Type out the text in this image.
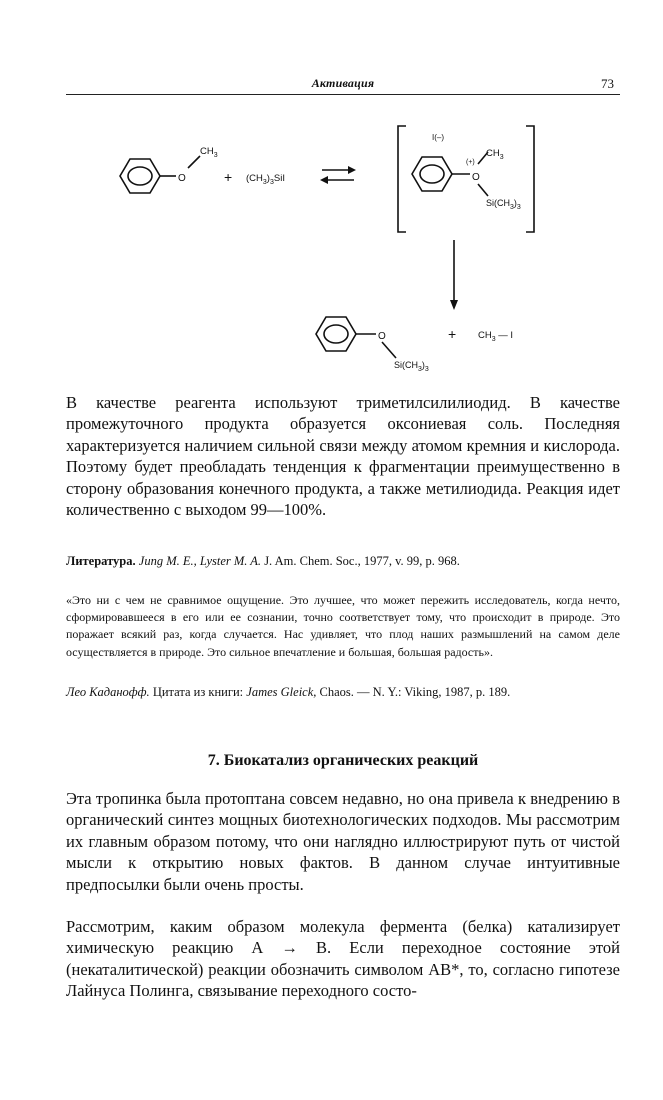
Активация	73
O
$CH_3$
+ $(CH_3)_3SiI$
I(–)
(+)
$CH_3$
O
$Si(CH_3)_3$
O
$Si(CH_3)_3$
+ $CH_3$ — I

В качестве реагента используют триметилсилилиодид. В качестве промежуточного продукта образуется оксониевая соль. Последняя характеризуется наличием сильной связи между атомом кремния и кислорода. Поэтому будет преобладать тенденция к фрагментации преимущественно в сторону образования конечного продукта, а также метилиодида. Реакция идет количественно с выходом 99—100%.

Литература. Jung M. E., Lyster M. A. J. Am. Chem. Soc., 1977, v. 99, p. 968.
«Это ни с чем не сравнимое ощущение. Это лучшее, что может пережить исследователь, когда нечто, сформировавшееся в его или ее сознании, точно соответствует тому, что происходит в природе. Это поражает всякий раз, когда случается. Нас удивляет, что плод наших размышлений на самом деле осуществляется в природе. Это сильное впечатление и большая, большая радость».
Лео Каданофф. Цитата из книги: James Gleick, Chaos. — N. Y.: Viking, 1987, p. 189.
7. Биокатализ органических реакций

Эта тропинка была протоптана совсем недавно, но она привела к внедрению в органический синтез мощных биотехнологических подходов. Мы рассмотрим их главным образом потому, что они наглядно иллюстрируют путь от чистой мысли к открытию новых фактов. В данном случае интуитивные предпосылки были очень просты.

Рассмотрим, каким образом молекула фермента (белка) катализирует химическую реакцию А → В. Если переходное состояние этой (некаталитической) реакции обозначить символом АВ*, то, согласно гипотезе Лайнуса Полинга, связывание переходного состо-
